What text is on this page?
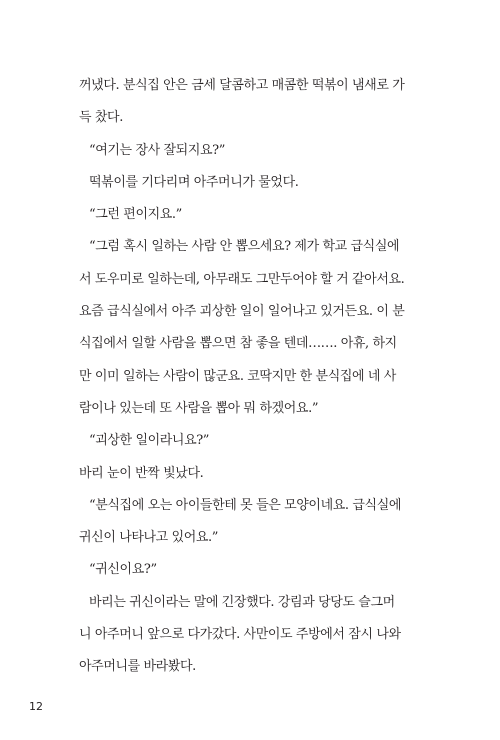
꺼냈다. 분식집 안은 금세 달콤하고 매콤한 떡볶이 냄새로 가
득 찼다.
“여기는 장사 잘되지요?”
떡볶이를 기다리며 아주머니가 물었다.
“그런 편이지요.”
“그럼 혹시 일하는 사람 안 뽑으세요? 제가 학교 급식실에
서 도우미로 일하는데, 아무래도 그만두어야 할 거 같아서요.
요즘 급식실에서 아주 괴상한 일이 일어나고 있거든요. 이 분
식집에서 일할 사람을 뽑으면 참 좋을 텐데……. 아휴, 하지
만 이미 일하는 사람이 많군요. 코딱지만 한 분식집에 네 사
람이나 있는데 또 사람을 뽑아 뭐 하겠어요.”
“괴상한 일이라니요?”
바리 눈이 반짝 빛났다.
“분식집에 오는 아이들한테 못 들은 모양이네요. 급식실에
귀신이 나타나고 있어요.”
“귀신이요?”
바리는 귀신이라는 말에 긴장했다. 강림과 당당도 슬그머
니 아주머니 앞으로 다가갔다. 사만이도 주방에서 잠시 나와
아주머니를 바라봤다.
12
